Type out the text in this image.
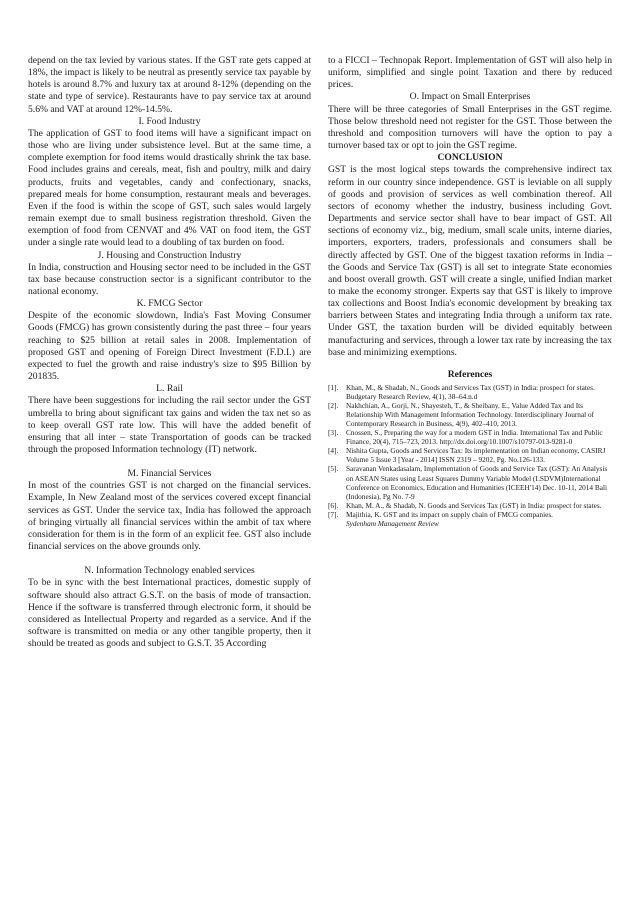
depend on the tax levied by various states. If the GST rate gets capped at 18%, the impact is likely to be neutral as presently service tax payable by hotels is around 8.7% and luxury tax at around 8-12% (depending on the state and type of service). Restaurants have to pay service tax at around 5.6% and VAT at around 12%-14.5%.

I. Food Industry

The application of GST to food items will have a significant impact on those who are living under subsistence level. But at the same time, a complete exemption for food items would drastically shrink the tax base. Food includes grains and cereals, meat, fish and poultry, milk and dairy products, fruits and vegetables, candy and confectionary, snacks, prepared meals for home consumption, restaurant meals and beverages. Even if the food is within the scope of GST, such sales would largely remain exempt due to small business registration threshold. Given the exemption of food from CENVAT and 4% VAT on food item, the GST under a single rate would lead to a doubling of tax burden on food.

J. Housing and Construction Industry

In India, construction and Housing sector need to be included in the GST tax base because construction sector is a significant contributor to the national economy.

K. FMCG Sector

Despite of the economic slowdown, India's Fast Moving Consumer Goods (FMCG) has grown consistently during the past three – four years reaching to $25 billion at retail sales in 2008. Implementation of proposed GST and opening of Foreign Direct Investment (F.D.I.) are expected to fuel the growth and raise industry's size to $95 Billion by 201835.

L. Rail

There have been suggestions for including the rail sector under the GST umbrella to bring about significant tax gains and widen the tax net so as to keep overall GST rate low. This will have the added benefit of ensuring that all inter – state Transportation of goods can be tracked through the proposed Information technology (IT) network.

M. Financial Services

In most of the countries GST is not charged on the financial services. Example, In New Zealand most of the services covered except financial services as GST. Under the service tax, India has followed the approach of bringing virtually all financial services within the ambit of tax where consideration for them is in the form of an explicit fee. GST also include financial services on the above grounds only.

N. Information Technology enabled services

To be in sync with the best International practices, domestic supply of software should also attract G.S.T. on the basis of mode of transaction. Hence if the software is transferred through electronic form, it should be considered as Intellectual Property and regarded as a service. And if the software is transmitted on media or any other tangible property, then it should be treated as goods and subject to G.S.T. 35 According

to a FICCI – Technopak Report. Implementation of GST will also help in uniform, simplified and single point Taxation and there by reduced prices.

O. Impact on Small Enterprises

There will be three categories of Small Enterprises in the GST regime. Those below threshold need not register for the GST. Those between the threshold and composition turnovers will have the option to pay a turnover based tax or opt to join the GST regime.

CONCLUSION

GST is the most logical steps towards the comprehensive indirect tax reform in our country since independence. GST is leviable on all supply of goods and provision of services as well combination thereof. All sectors of economy whether the industry, business including Govt. Departments and service sector shall have to bear impact of GST. All sections of economy viz., big, medium, small scale units, interne diaries, importers, exporters, traders, professionals and consumers shall be directly affected by GST. One of the biggest taxation reforms in India – the Goods and Service Tax (GST) is all set to integrate State economies and boost overall growth. GST will create a single, unified Indian market to make the economy stronger. Experts say that GST is likely to improve tax collections and Boost India's economic development by breaking tax barriers between States and integrating India through a uniform tax rate. Under GST, the taxation burden will be divided equitably between manufacturing and services, through a lower tax rate by increasing the tax base and minimizing exemptions.

References
[1]. Khan, M., & Shadab, N., Goods and Services Tax (GST) in India: prospect for states. Budgetary Research Review, 4(1), 38–64.n.d
[2]. Nakhchian, A., Gorji, N., Shayesteh, T., & Sheibany, E., Value Added Tax and Its Relationship With Management Information Technology. Interdisciplinary Journal of Contemporary Research in Business, 4(9), 402–410, 2013.
[3]. Cnossen, S., Preparing the way for a modern GST in India. International Tax and Public Finance, 20(4), 715–723, 2013. http://dx.doi.org/10.1007/s10797-013-9281-0
[4]. Nishita Gupta, Goods and Services Tax: Its implementation on Indian economy, CASIRJ Volume 5 Issue 3 [Year - 2014] ISSN 2319 – 9202, Pg. No.126-133.
[5]. Saravanan Venkadasalam, Implementation of Goods and Service Tax (GST): An Analysis on ASEAN States using Least Squares Dummy Variable Model (LSDVM)International Conference on Economics, Education and Humanities (ICEEH'14) Dec. 10-11, 2014 Bali (Indonesia), Pg No. 7-9
[6]. Khan, M. A., & Shadab, N. Goods and Services Tax (GST) in India: prospect for states.
[7]. Majithia, K. GST and its impact on supply chain of FMCG companies.
Sydenham Management Review
